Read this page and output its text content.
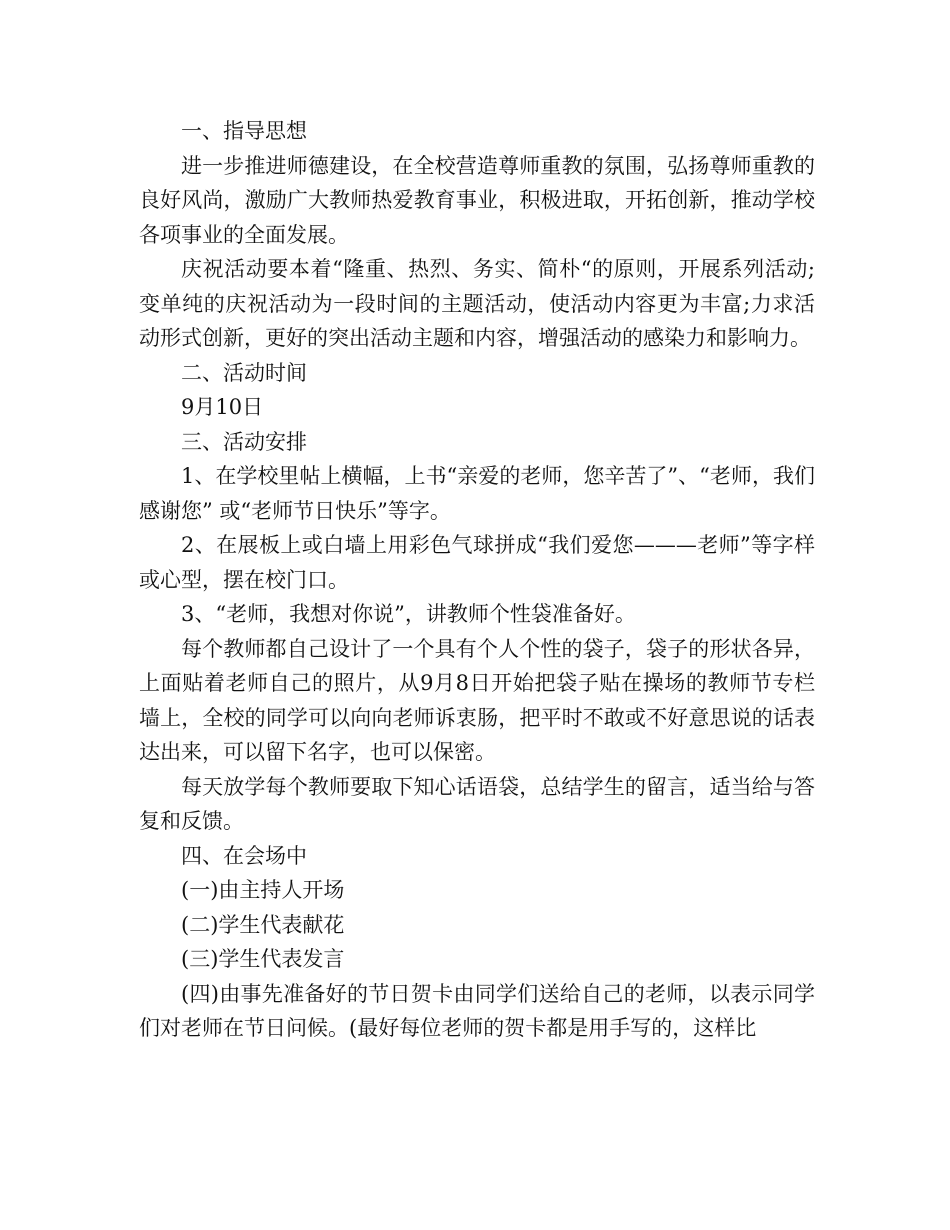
一、指导思想

进一步推进师德建设，在全校营造尊师重教的氛围，弘扬尊师重教的良好风尚，激励广大教师热爱教育事业，积极进取，开拓创新，推动学校各项事业的全面发展。

庆祝活动要本着“隆重、热烈、务实、简朴“的原则，开展系列活动;变单纯的庆祝活动为一段时间的主题活动，使活动内容更为丰富;力求活动形式创新，更好的突出活动主题和内容，增强活动的感染力和影响力。

二、活动时间

9月10日

三、活动安排

1、在学校里帖上横幅，上书“亲爱的老师，您辛苦了”、“老师，我们感谢您” 或“老师节日快乐”等字。

2、在展板上或白墙上用彩色气球拼成“我们爱您———老师”等字样或心型，摆在校门口。

3、“老师，我想对你说”，讲教师个性袋准备好。

每个教师都自己设计了一个具有个人个性的袋子，袋子的形状各异，上面贴着老师自己的照片，从9月8日开始把袋子贴在操场的教师节专栏墙上，全校的同学可以向向老师诉衷肠，把平时不敢或不好意思说的话表达出来，可以留下名字，也可以保密。

每天放学每个教师要取下知心话语袋，总结学生的留言，适当给与答复和反馈。

四、在会场中

(一)由主持人开场

(二)学生代表献花

(三)学生代表发言

(四)由事先准备好的节日贺卡由同学们送给自己的老师，以表示同学们对老师在节日问候。(最好每位老师的贺卡都是用手写的，这样比
